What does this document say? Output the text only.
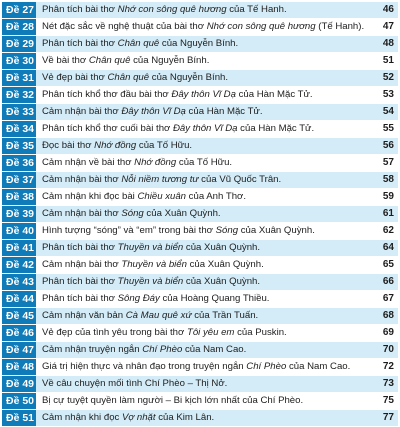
Đề 27 Phân tích bài thơ Nhớ con sông quê hương của Tế Hanh.	46
Đề 28 Nét đặc sắc về nghệ thuật của bài thơ Nhớ con sông quê hương (Tế Hanh).	47
Đề 29 Phân tích bài thơ Chân quê của Nguyễn Bính.	48
Đề 30 Về bài thơ Chân quê của Nguyễn Bính.	51
Đề 31 Vẻ đẹp bài thơ Chân quê của Nguyễn Bính.	52
Đề 32 Phân tích khổ thơ đầu bài thơ Đây thôn Vĩ Dạ của Hàn Mặc Tử.	53
Đề 33 Cảm nhận bài thơ Đây thôn Vĩ Dạ của Hàn Mặc Tử.	54
Đề 34 Phân tích khổ thơ cuối bài thơ Đây thôn Vĩ Dạ của Hàn Mặc Tử.	55
Đề 35 Đọc bài thơ Nhớ đồng của Tố Hữu.	56
Đề 36 Cảm nhận về bài thơ Nhớ đồng của Tố Hữu.	57
Đề 37 Cảm nhận bài thơ Nỗi niềm tương tư của Vũ Quốc Trân.	58
Đề 38 Cảm nhận khi đọc bài Chiều xuân của Anh Thơ.	59
Đề 39 Cảm nhận bài thơ Sóng của Xuân Quỳnh.	61
Đề 40 Hình tượng “sóng” và “em” trong bài thơ Sóng của Xuân Quỳnh.	62
Đề 41 Phân tích bài thơ Thuyền và biển của Xuân Quỳnh.	64
Đề 42 Cảm nhận bài thơ Thuyền và biển của Xuân Quỳnh.	65
Đề 43 Phân tích bài thơ Thuyền và biển của Xuân Quỳnh.	66
Đề 44 Phân tích bài thơ Sông Đáy của Hoàng Quang Thiều.	67
Đề 45 Cảm nhận văn bản Cà Mau quê xứ của Trần Tuấn.	68
Đề 46 Vẻ đẹp của tình yêu trong bài thơ Tôi yêu em của Puskin.	69
Đề 47 Cảm nhận truyện ngắn Chí Phèo của Nam Cao.	70
Đề 48 Giá trị hiện thực và nhân đạo trong truyện ngắn Chí Phèo của Nam Cao.	72
Đề 49 Về câu chuyện mối tình Chí Phèo – Thị Nở.	73
Đề 50 Bị cự tuyệt quyền làm người – Bi kịch lớn nhất của Chí Phèo.	75
Đề 51 Cảm nhận khi đọc Vợ nhặt của Kim Lân.	77
